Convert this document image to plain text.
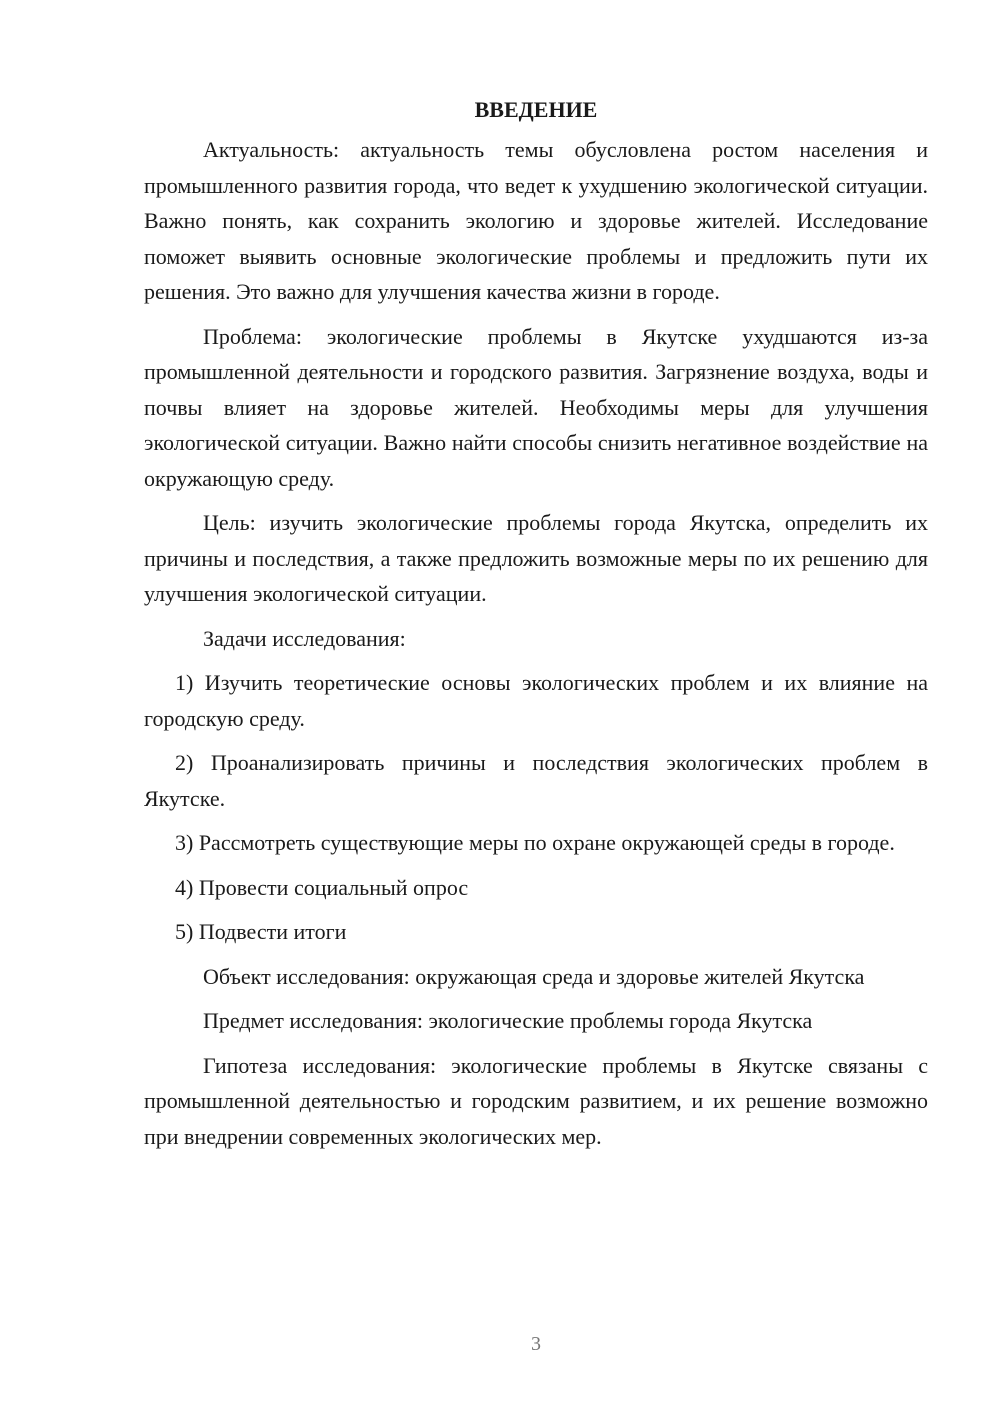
ВВЕДЕНИЕ

Актуальность: актуальность темы обусловлена ростом населения и промышленного развития города, что ведет к ухудшению экологической ситуации. Важно понять, как сохранить экологию и здоровье жителей. Исследование поможет выявить основные экологические проблемы и предложить пути их решения. Это важно для улучшения качества жизни в городе.

Проблема: экологические проблемы в Якутске ухудшаются из-за промышленной деятельности и городского развития. Загрязнение воздуха, воды и почвы влияет на здоровье жителей. Необходимы меры для улучшения экологической ситуации. Важно найти способы снизить негативное воздействие на окружающую среду.

Цель: изучить экологические проблемы города Якутска, определить их причины и последствия, а также предложить возможные меры по их решению для улучшения экологической ситуации.

Задачи исследования:

1) Изучить теоретические основы экологических проблем и их влияние на городскую среду.

2) Проанализировать причины и последствия экологических проблем в Якутске.

3) Рассмотреть существующие меры по охране окружающей среды в городе.

4) Провести социальный опрос

5) Подвести итоги

Объект исследования: окружающая среда и здоровье жителей Якутска

Предмет исследования: экологические проблемы города Якутска

Гипотеза исследования: экологические проблемы в Якутске связаны с промышленной деятельностью и городским развитием, и их решение возможно при внедрении современных экологических мер.

3
